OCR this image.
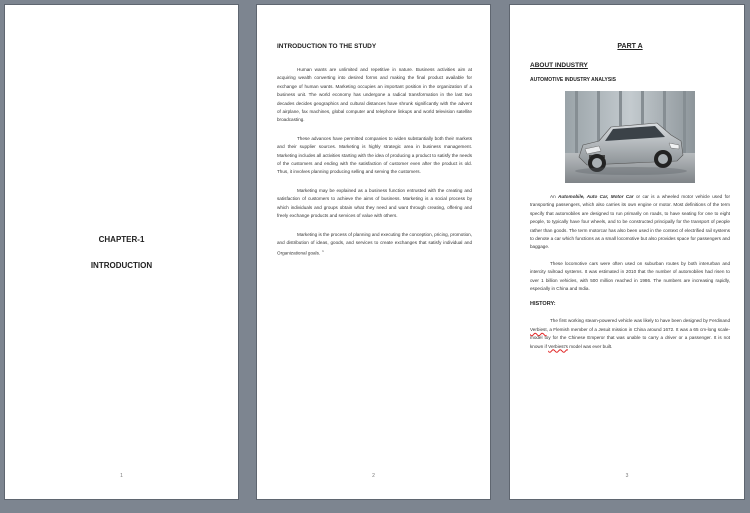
CHAPTER-1
INTRODUCTION
1
INTRODUCTION TO THE STUDY

Human wants are unlimited and repetitive in nature. Business activities aim at acquiring wealth converting into desired forms and making the final product available for exchange of human wants. Marketing occupies an important position in the organization of a business unit. The world economy has undergone a radical transformation in the last two decades decides geographics and cultural distances have shrunk significantly with the advent of airplane, fax machines, global computer and telephone linkups and world television satellite broadcasting.

These advances have permitted companies to widen substantially both their markets and their supplier sources. Marketing is highly strategic area in business management. Marketing includes all activities starting with the idea of producing a product to satisfy the needs of the customers and ending with the satisfaction of customer even after the product is old. Thus, it involves planning producing selling and serving the customers.

Marketing may be explained as a business function entrusted with the creating and satisfaction of customers to achieve the aims of business. Marketing is a social process by which individuals and groups obtain what they need and want through creating, offering and freely exchange products and services of value with others.

Marketing is the process of planning and executing the conception, pricing, promotion, and distribution of ideas, goods, and services to create exchanges that satisfy individual and Organizational goals. $^1$

2
PART A
ABOUT INDUSTRY
AUTOMOTIVE INDUSTRY ANALYSIS

An Automobile, Auto Car, Motor Car or car is a wheeled motor vehicle used for transporting passengers, which also carries its own engine or motor. Most definitions of the term specify that automobiles are designed to run primarily on roads, to have seating for one to eight people, to typically have four wheels, and to be constructed principally for the transport of people rather than goods. The term motorcar has also been used in the context of electrified rail systems to denote a car which functions as a small locomotive but also provides space for passengers and baggage.

These locomotive cars were often used on suburban routes by both interurban and intercity railroad systems. It was estimated in 2010 that the number of automobiles had risen to over 1 billion vehicles, with 500 million reached in 1986. The numbers are increasing rapidly, especially in China and India.

HISTORY:

The first working steam-powered vehicle was likely to have been designed by Ferdinand Verbiest, a Flemish member of a Jesuit mission in China around 1672. It was a 65 cm-long scale-model toy for the Chinese Emperor that was unable to carry a driver or a passenger. It is not known if Verbiest's model was ever built.

3
